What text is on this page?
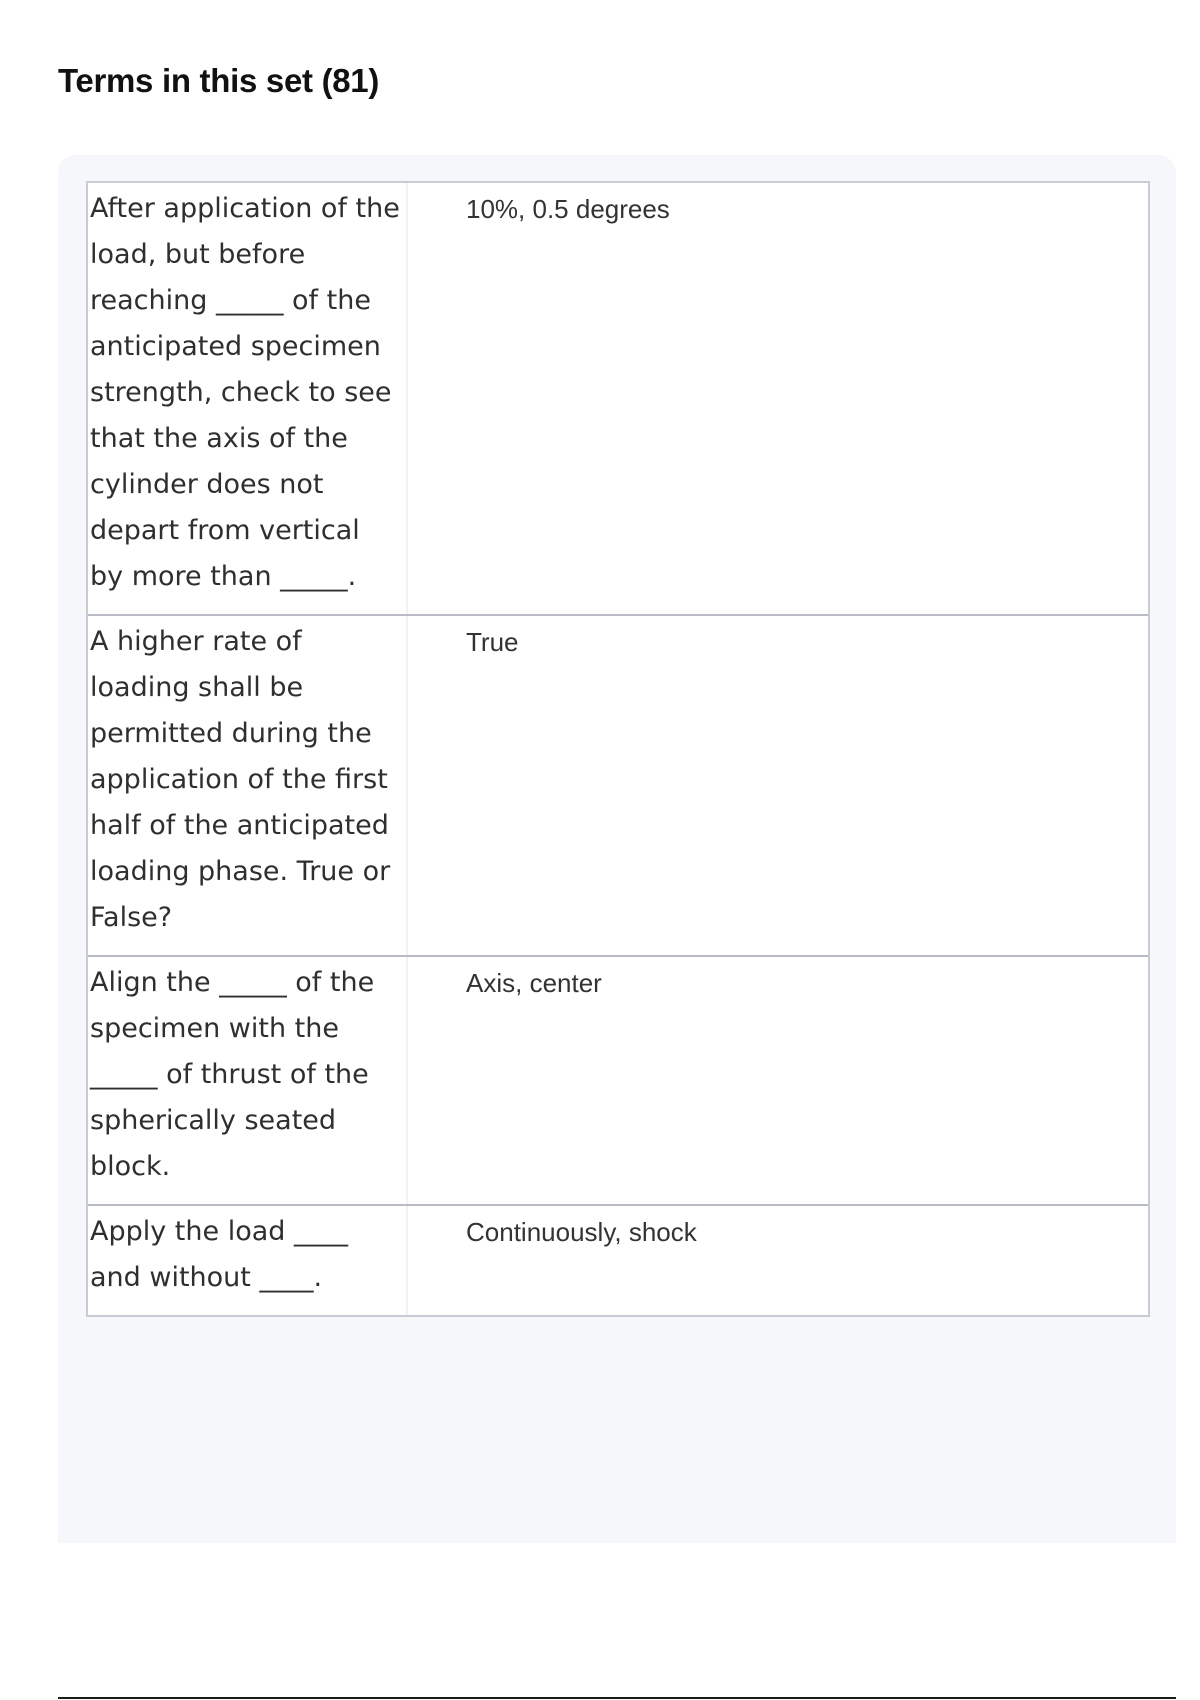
Terms in this set (81)
After application of the load, but before reaching _____ of the anticipated specimen strength, check to see that the axis of the cylinder does not depart from vertical by more than _____.
10%, 0.5 degrees
A higher rate of loading shall be permitted during the application of the first half of the anticipated loading phase. True or False?
True
Align the _____ of the specimen with the _____ of thrust of the spherically seated block.
Axis, center
Apply the load ____ and without ____.
Continuously, shock
